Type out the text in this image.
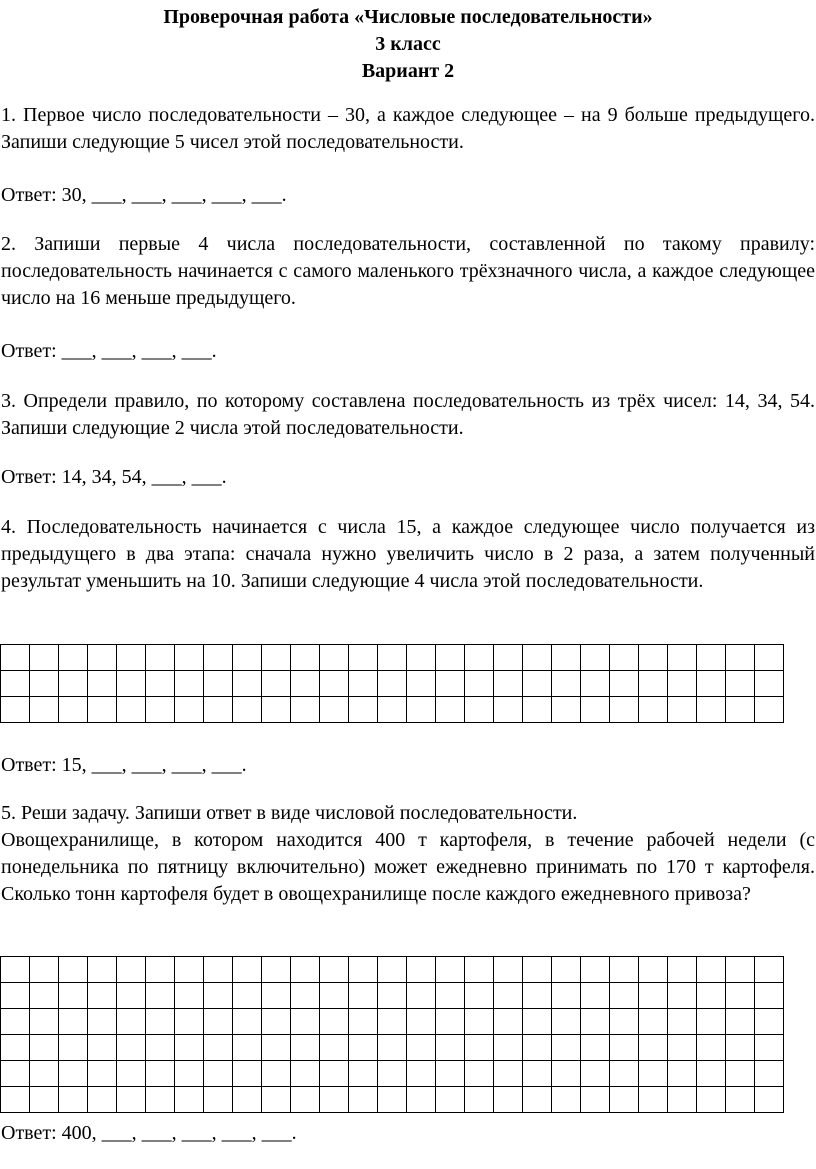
Проверочная работа «Числовые последовательности»
3 класс
Вариант 2
1. Первое число последовательности – 30, а каждое следующее – на 9 больше предыдущего. Запиши следующие 5 чисел этой последовательности.
Ответ: 30, ___, ___, ___, ___, ___.
2. Запиши первые 4 числа последовательности, составленной по такому правилу: последовательность начинается с самого маленького трёхзначного числа, а каждое следующее число на 16 меньше предыдущего.
Ответ: ___, ___, ___, ___.
3. Определи правило, по которому составлена последовательность из трёх чисел: 14, 34, 54. Запиши следующие 2 числа этой последовательности.
Ответ: 14, 34, 54, ___, ___.
4. Последовательность начинается с числа 15, а каждое следующее число получается из предыдущего в два этапа: сначала нужно увеличить число в 2 раза, а затем полученный результат уменьшить на 10. Запиши следующие 4 числа этой последовательности.

Ответ: 15, ___, ___, ___, ___.
5. Реши задачу. Запиши ответ в виде числовой последовательности.
Овощехранилище, в котором находится 400 т картофеля, в течение рабочей недели (с понедельника по пятницу включительно) может ежедневно принимать по 170 т картофеля. Сколько тонн картофеля будет в овощехранилище после каждого ежедневного привоза?

Ответ: 400, ___, ___, ___, ___, ___.
